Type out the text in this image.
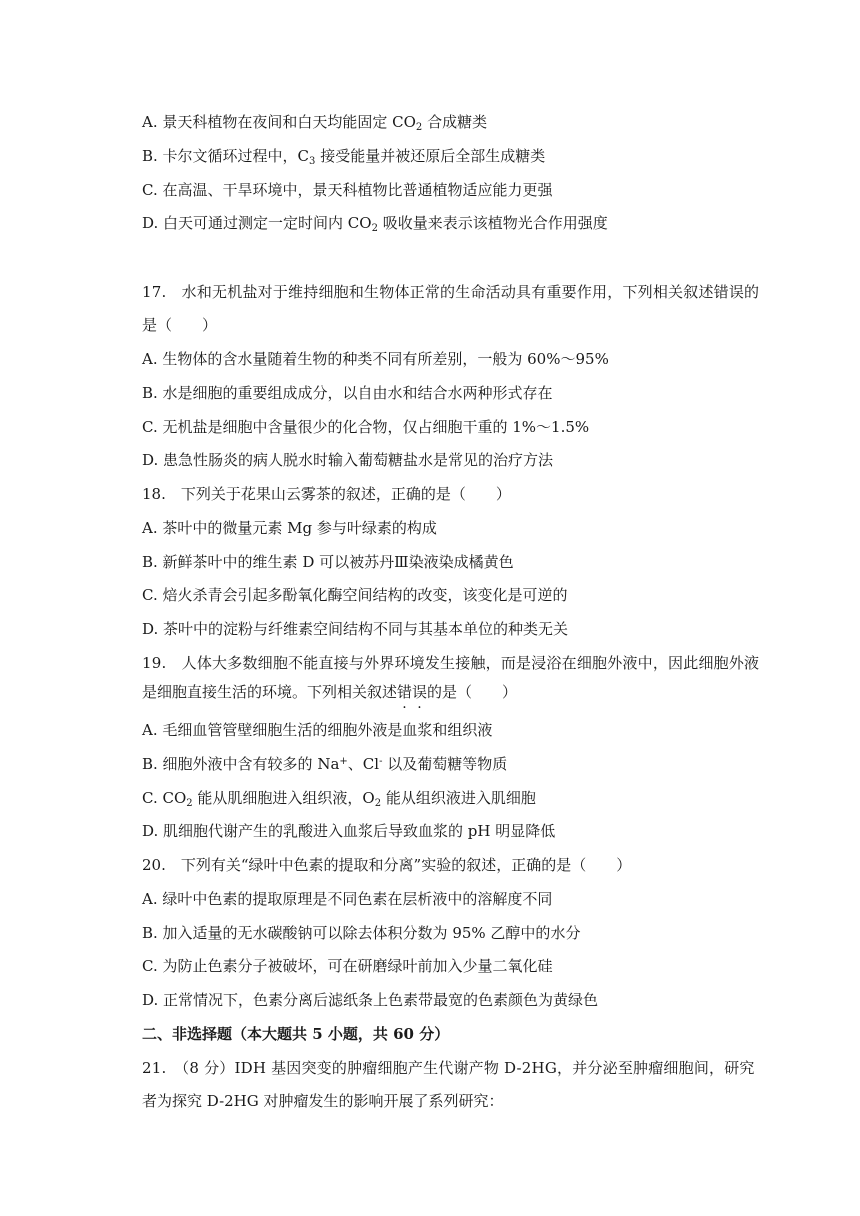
A. 景天科植物在夜间和白天均能固定 $CO_2$ 合成糖类
B. 卡尔文循环过程中，$C_3$ 接受能量并被还原后全部生成糖类
C. 在高温、干旱环境中，景天科植物比普通植物适应能力更强
D. 白天可通过测定一定时间内 $CO_2$ 吸收量来表示该植物光合作用强度
17.　水和无机盐对于维持细胞和生物体正常的生命活动具有重要作用，下列相关叙述错误的
是（　　）
A. 生物体的含水量随着生物的种类不同有所差别，一般为 60%～95%
B. 水是细胞的重要组成成分，以自由水和结合水两种形式存在
C. 无机盐是细胞中含量很少的化合物，仅占细胞干重的 1%～1.5%
D. 患急性肠炎的病人脱水时输入葡萄糖盐水是常见的治疗方法
18.　下列关于花果山云雾茶的叙述，正确的是（　　）
A. 茶叶中的微量元素 Mg 参与叶绿素的构成
B. 新鲜茶叶中的维生素 D 可以被苏丹Ⅲ染液染成橘黄色
C. 焙火杀青会引起多酚氧化酶空间结构的改变，该变化是可逆的
D. 茶叶中的淀粉与纤维素空间结构不同与其基本单位的种类无关
19.　人体大多数细胞不能直接与外界环境发生接触，而是浸浴在细胞外液中，因此细胞外液
是细胞直接生活的环境。下列相关叙述错误的是（　　）
A. 毛细血管管壁细胞生活的细胞外液是血浆和组织液
B. 细胞外液中含有较多的 Na+、Cl- 以及葡萄糖等物质
C. $CO_2$ 能从肌细胞进入组织液，$O_2$ 能从组织液进入肌细胞
D. 肌细胞代谢产生的乳酸进入血浆后导致血浆的 pH 明显降低
20.　下列有关“绿叶中色素的提取和分离”实验的叙述，正确的是（　　）
A. 绿叶中色素的提取原理是不同色素在层析液中的溶解度不同
B. 加入适量的无水碳酸钠可以除去体积分数为 95% 乙醇中的水分
C. 为防止色素分子被破坏，可在研磨绿叶前加入少量二氧化硅
D. 正常情况下，色素分离后滤纸条上色素带最宽的色素颜色为黄绿色
二、非选择题（本大题共 5 小题，共 60 分）
21.　（8 分）IDH 基因突变的肿瘤细胞产生代谢产物 D-2HG，并分泌至肿瘤细胞间，研究
者为探究 D-2HG 对肿瘤发生的影响开展了系列研究：
